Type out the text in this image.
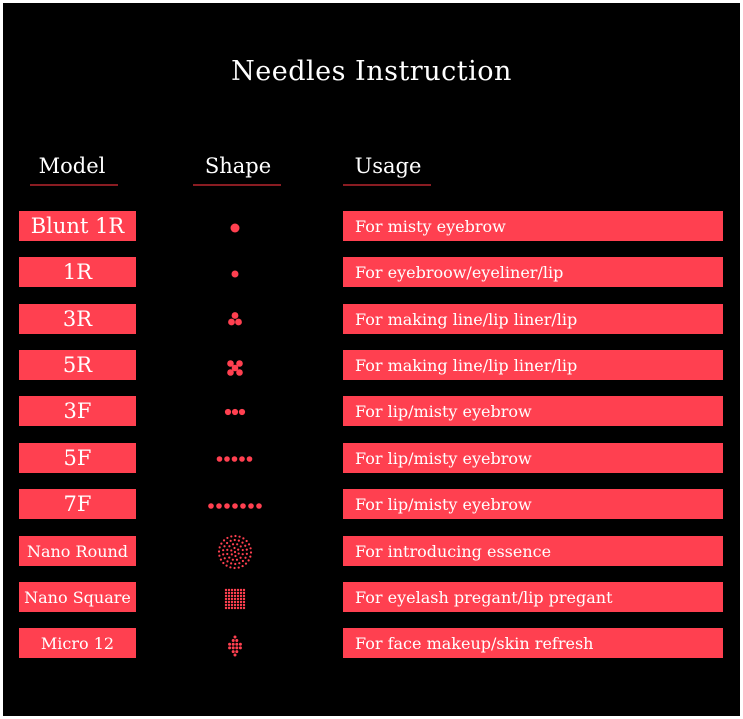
Needles Instruction
Model	Shape	Usage
Blunt 1R	For misty eyebrow
1R	For eyebroow/eyeliner/lip
3R	For making line/lip liner/lip
5R	For making line/lip liner/lip
3F	For lip/misty eyebrow
5F	For lip/misty eyebrow
7F	For lip/misty eyebrow
Nano Round	For introducing essence
Nano Square	For eyelash pregant/lip pregant
Micro 12	For face makeup/skin refresh
